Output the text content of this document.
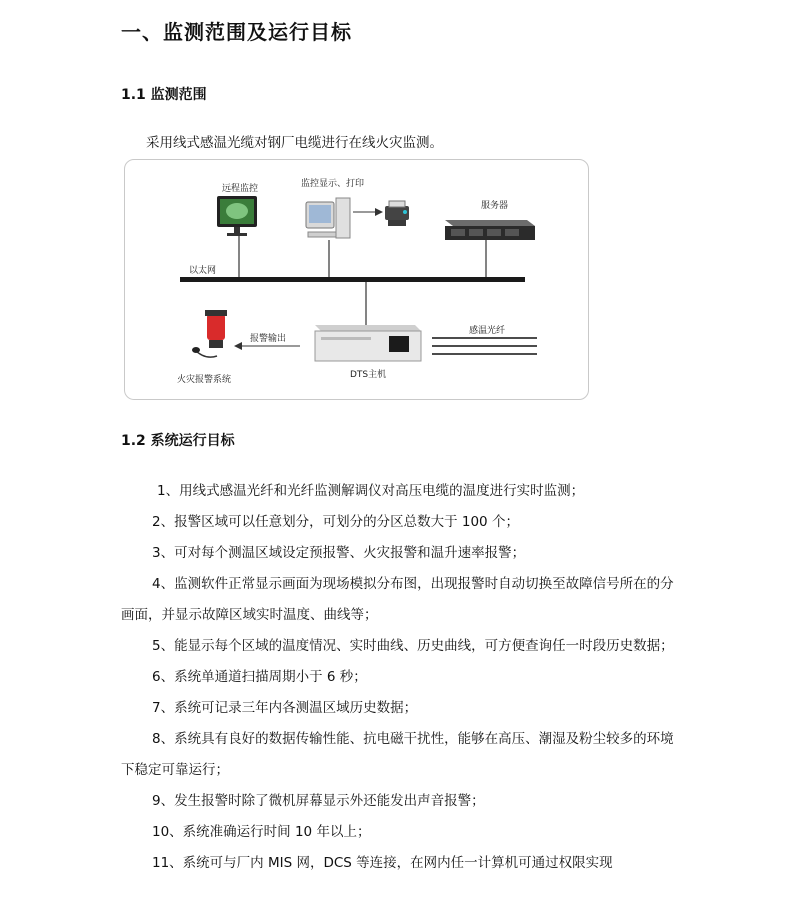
一、监测范围及运行目标
1.1 监测范围
采用线式感温光缆对钢厂电缆进行在线火灾监测。
远程监控	监控显示、打印
服务器
以太网
报警输出
感温光纤
DTS主机
火灾报警系统
1.2 系统运行目标

1、用线式感温光纤和光纤监测解调仪对高压电缆的温度进行实时监测；

2、报警区域可以任意划分，可划分的分区总数大于 100 个；

3、可对每个测温区域设定预报警、火灾报警和温升速率报警；

4、监测软件正常显示画面为现场模拟分布图，出现报警时自动切换至故障信号所在的分画面，并显示故障区域实时温度、曲线等；

5、能显示每个区域的温度情况、实时曲线、历史曲线，可方便查询任一时段历史数据；

6、系统单通道扫描周期小于 6 秒；

7、系统可记录三年内各测温区域历史数据；

8、系统具有良好的数据传输性能、抗电磁干扰性，能够在高压、潮湿及粉尘较多的环境下稳定可靠运行；

9、发生报警时除了微机屏幕显示外还能发出声音报警；

10、系统准确运行时间 10 年以上；

11、系统可与厂内 MIS 网，DCS 等连接，在网内任一计算机可通过权限实现
